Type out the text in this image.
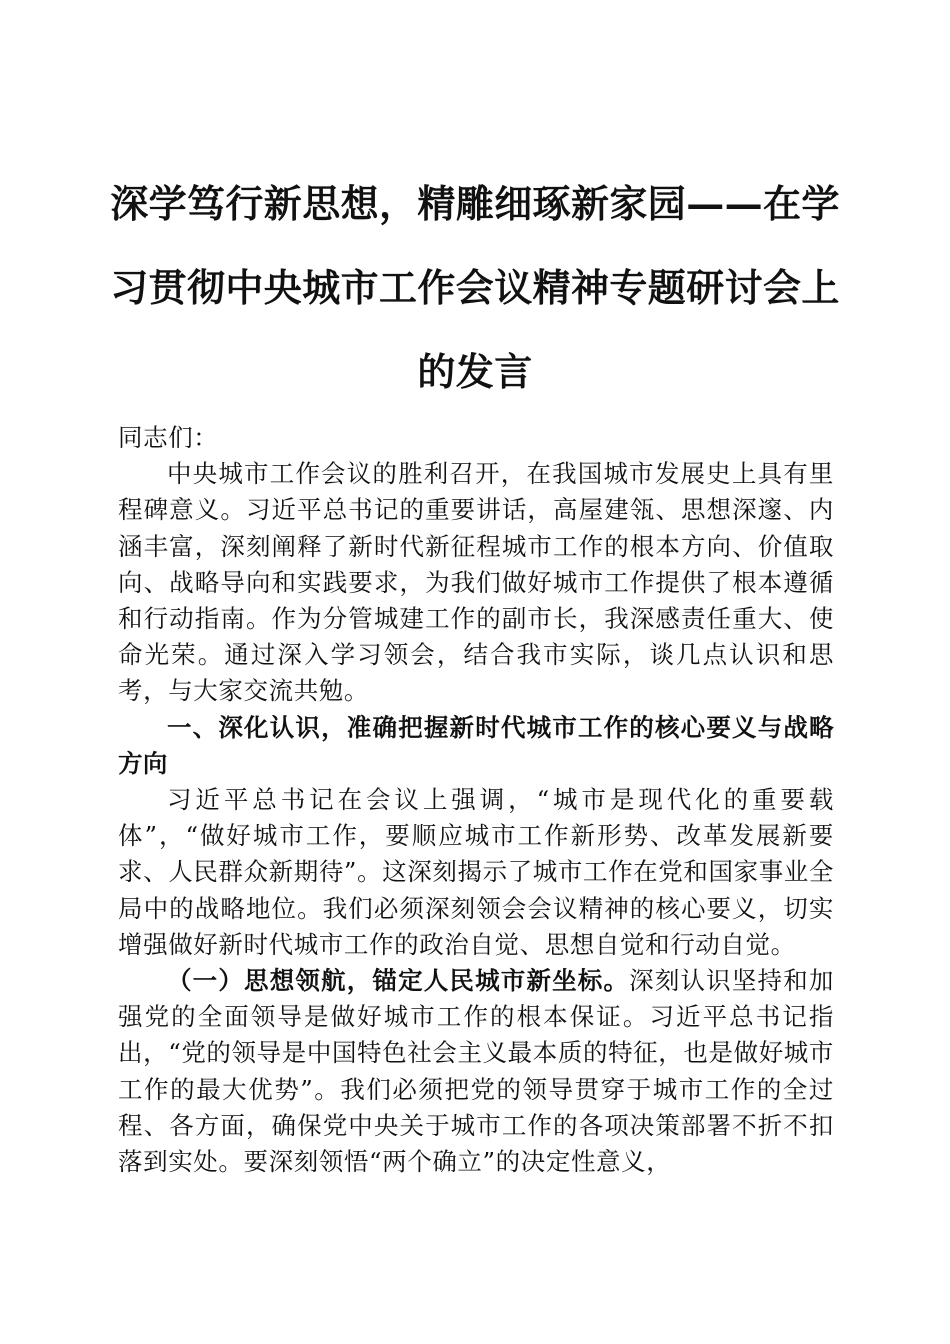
深学笃行新思想，精雕细琢新家园——在学习贯彻中央城市工作会议精神专题研讨会上的发言

同志们：

中央城市工作会议的胜利召开，在我国城市发展史上具有里程碑意义。习近平总书记的重要讲话，高屋建瓴、思想深邃、内涵丰富，深刻阐释了新时代新征程城市工作的根本方向、价值取向、战略导向和实践要求，为我们做好城市工作提供了根本遵循和行动指南。作为分管城建工作的副市长，我深感责任重大、使命光荣。通过深入学习领会，结合我市实际，谈几点认识和思考，与大家交流共勉。

一、深化认识，准确把握新时代城市工作的核心要义与战略方向

习近平总书记在会议上强调，“城市是现代化的重要载体”，“做好城市工作，要顺应城市工作新形势、改革发展新要求、人民群众新期待”。这深刻揭示了城市工作在党和国家事业全局中的战略地位。我们必须深刻领会会议精神的核心要义，切实增强做好新时代城市工作的政治自觉、思想自觉和行动自觉。

（一）思想领航，锚定人民城市新坐标。深刻认识坚持和加强党的全面领导是做好城市工作的根本保证。习近平总书记指出，“党的领导是中国特色社会主义最本质的特征，也是做好城市工作的最大优势”。我们必须把党的领导贯穿于城市工作的全过程、各方面，确保党中央关于城市工作的各项决策部署不折不扣落到实处。要深刻领悟“两个确立”的决定性意义，
